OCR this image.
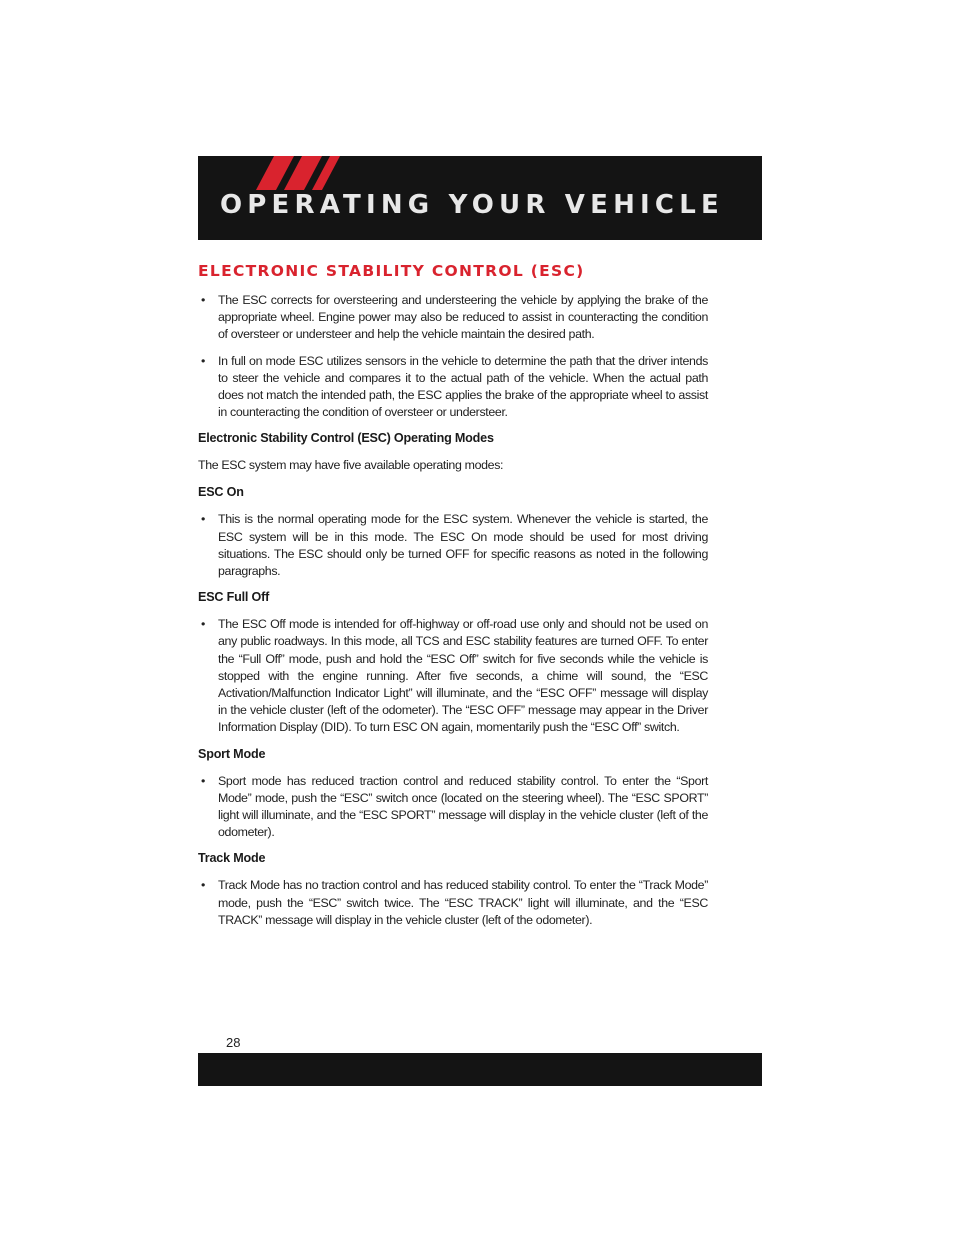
OPERATING YOUR VEHICLE
ELECTRONIC STABILITY CONTROL (ESC)

• The ESC corrects for oversteering and understeering the vehicle by applying the brake of the appropriate wheel. Engine power may also be reduced to assist in counteracting the condition of oversteer or understeer and help the vehicle maintain the desired path.

• In full on mode ESC utilizes sensors in the vehicle to determine the path that the driver intends to steer the vehicle and compares it to the actual path of the vehicle. When the actual path does not match the intended path, the ESC applies the brake of the appropriate wheel to assist in counteracting the condition of oversteer or understeer.

Electronic Stability Control (ESC) Operating Modes

The ESC system may have five available operating modes:

ESC On

• This is the normal operating mode for the ESC system. Whenever the vehicle is started, the ESC system will be in this mode. The ESC On mode should be used for most driving situations. The ESC should only be turned OFF for specific reasons as noted in the following paragraphs.

ESC Full Off

• The ESC Off mode is intended for off-highway or off-road use only and should not be used on any public roadways. In this mode, all TCS and ESC stability features are turned OFF. To enter the “Full Off” mode, push and hold the “ESC Off” switch for five seconds while the vehicle is stopped with the engine running. After five seconds, a chime will sound, the “ESC Activation/Malfunction Indicator Light” will illuminate, and the “ESC OFF” message will display in the vehicle cluster (left of the odometer). The “ESC OFF” message may appear in the Driver Information Display (DID). To turn ESC ON again, momentarily push the “ESC Off” switch.

Sport Mode

• Sport mode has reduced traction control and reduced stability control. To enter the “Sport Mode” mode, push the “ESC” switch once (located on the steering wheel). The “ESC SPORT” light will illuminate, and the “ESC SPORT” message will display in the vehicle cluster (left of the odometer).

Track Mode

• Track Mode has no traction control and has reduced stability control. To enter the “Track Mode” mode, push the “ESC” switch twice. The “ESC TRACK” light will illuminate, and the “ESC TRACK” message will display in the vehicle cluster (left of the odometer).

28
